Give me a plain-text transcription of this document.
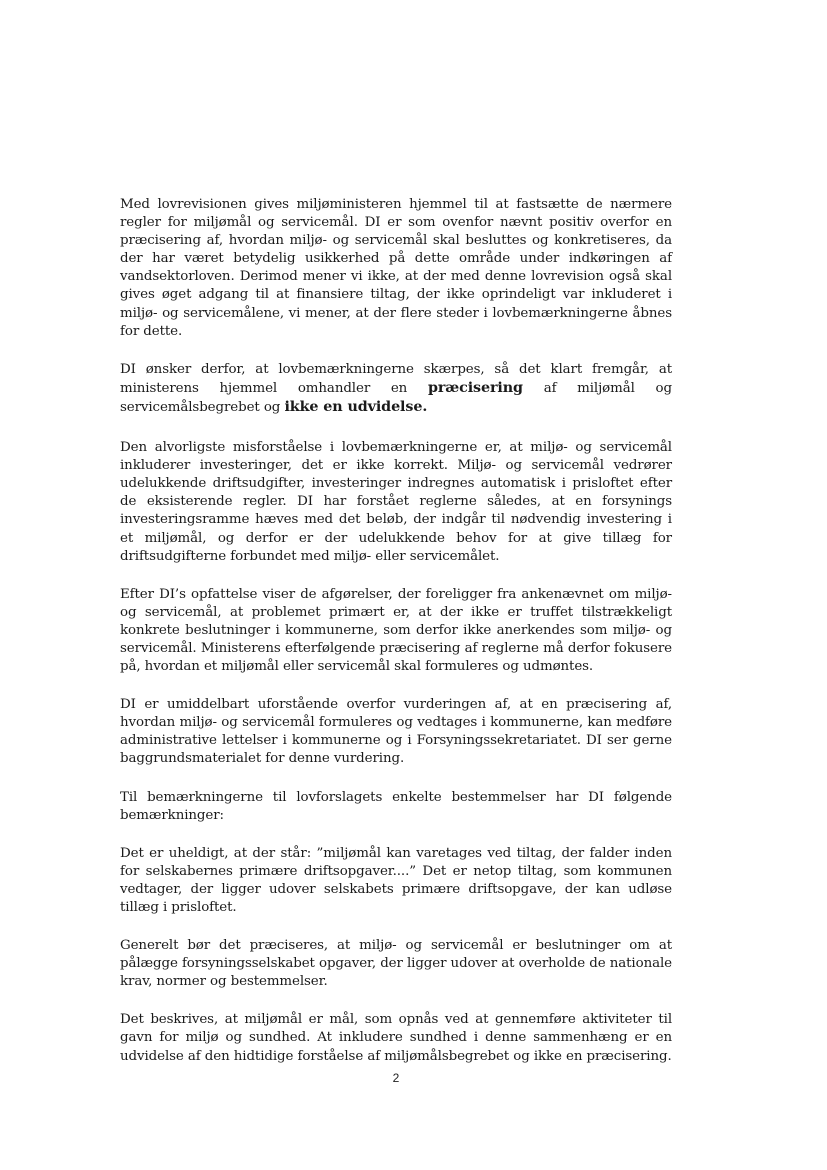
Med lovrevisionen gives miljøministeren hjemmel til at fastsætte de nærmere regler for miljømål og servicemål. DI er som ovenfor nævnt positiv overfor en præcisering af, hvordan miljø- og servicemål skal besluttes og konkretiseres, da der har været betydelig usikkerhed på dette område under indkøringen af vandsektorloven. Derimod mener vi ikke, at der med denne lovrevision også skal gives øget adgang til at finansiere tiltag, der ikke oprindeligt var inkluderet i miljø- og servicemålene, vi mener, at der flere steder i lovbemærkningerne åbnes for dette.

DI ønsker derfor, at lovbemærkningerne skærpes, så det klart fremgår, at ministerens hjemmel omhandler en præcisering af miljømål og servicemålsbegrebet og ikke en udvidelse.

Den alvorligste misforståelse i lovbemærkningerne er, at miljø- og servicemål inkluderer investeringer, det er ikke korrekt. Miljø- og servicemål vedrører udelukkende driftsudgifter, investeringer indregnes automatisk i prisloftet efter de eksisterende regler. DI har forstået reglerne således, at en forsynings investeringsramme hæves med det beløb, der indgår til nødvendig investering i et miljømål, og derfor er der udelukkende behov for at give tillæg for driftsudgifterne forbundet med miljø- eller servicemålet.

Efter DI’s opfattelse viser de afgørelser, der foreligger fra ankenævnet om miljø- og servicemål, at problemet primært er, at der ikke er truffet tilstrækkeligt konkrete beslutninger i kommunerne, som derfor ikke anerkendes som miljø- og servicemål. Ministerens efterfølgende præcisering af reglerne må derfor fokusere på, hvordan et miljømål eller servicemål skal formuleres og udmøntes.

DI er umiddelbart uforstående overfor vurderingen af, at en præcisering af, hvordan miljø- og servicemål formuleres og vedtages i kommunerne, kan medføre administrative lettelser i kommunerne og i Forsyningssekretariatet. DI ser gerne baggrundsmaterialet for denne vurdering.

Til bemærkningerne til lovforslagets enkelte bestemmelser har DI følgende bemærkninger:

Det er uheldigt, at der står: ”miljømål kan varetages ved tiltag, der falder inden for selskabernes primære driftsopgaver....” Det er netop tiltag, som kommunen vedtager, der ligger udover selskabets primære driftsopgave, der kan udløse tillæg i prisloftet.

Generelt bør det præciseres, at miljø- og servicemål er beslutninger om at pålægge forsyningsselskabet opgaver, der ligger udover at overholde de nationale krav, normer og bestemmelser.

Det beskrives, at miljømål er mål, som opnås ved at gennemføre aktiviteter til gavn for miljø og sundhed. At inkludere sundhed i denne sammenhæng er en udvidelse af den hidtidige forståelse af miljømålsbegrebet og ikke en præcisering.

2
